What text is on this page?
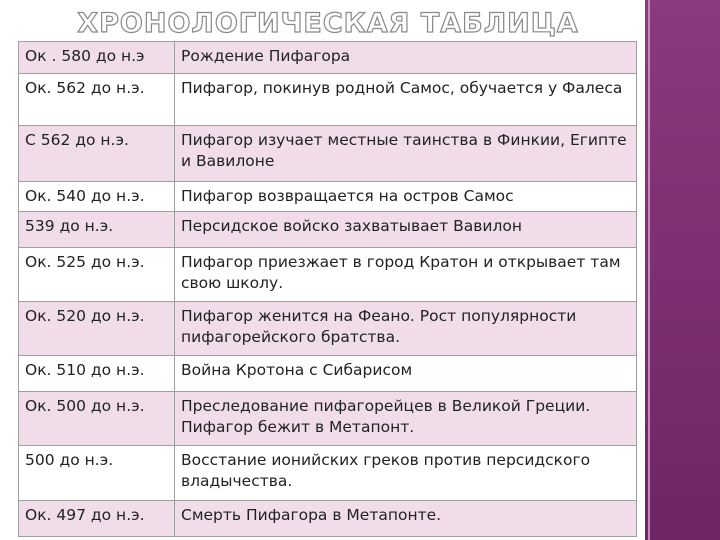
ХРОНОЛОГИЧЕСКАЯ ТАБЛИЦА
Ок . 580 до н.э	Рождение Пифагора
Ок. 562 до н.э.	Пифагор, покинув родной Самос, обучается у Фалеса
С 562 до н.э.	Пифагор изучает местные таинства в Финкии, Египте и Вавилоне
Ок. 540 до н.э.	Пифагор возвращается на остров Самос
539 до н.э.	Персидское войско захватывает Вавилон
Ок. 525 до н.э.	Пифагор приезжает в город Кратон и открывает там свою школу.
Ок. 520 до н.э.	Пифагор женится на Феано. Рост популярности пифагорейского братства.
Ок. 510 до н.э.	Война Кротона с Сибарисом
Ок. 500 до н.э.	Преследование пифагорейцев в Великой Греции. Пифагор бежит в Метапонт.
500 до н.э.	Восстание ионийских греков против персидского владычества.
Ок. 497 до н.э.	Смерть Пифагора в Метапонте.
